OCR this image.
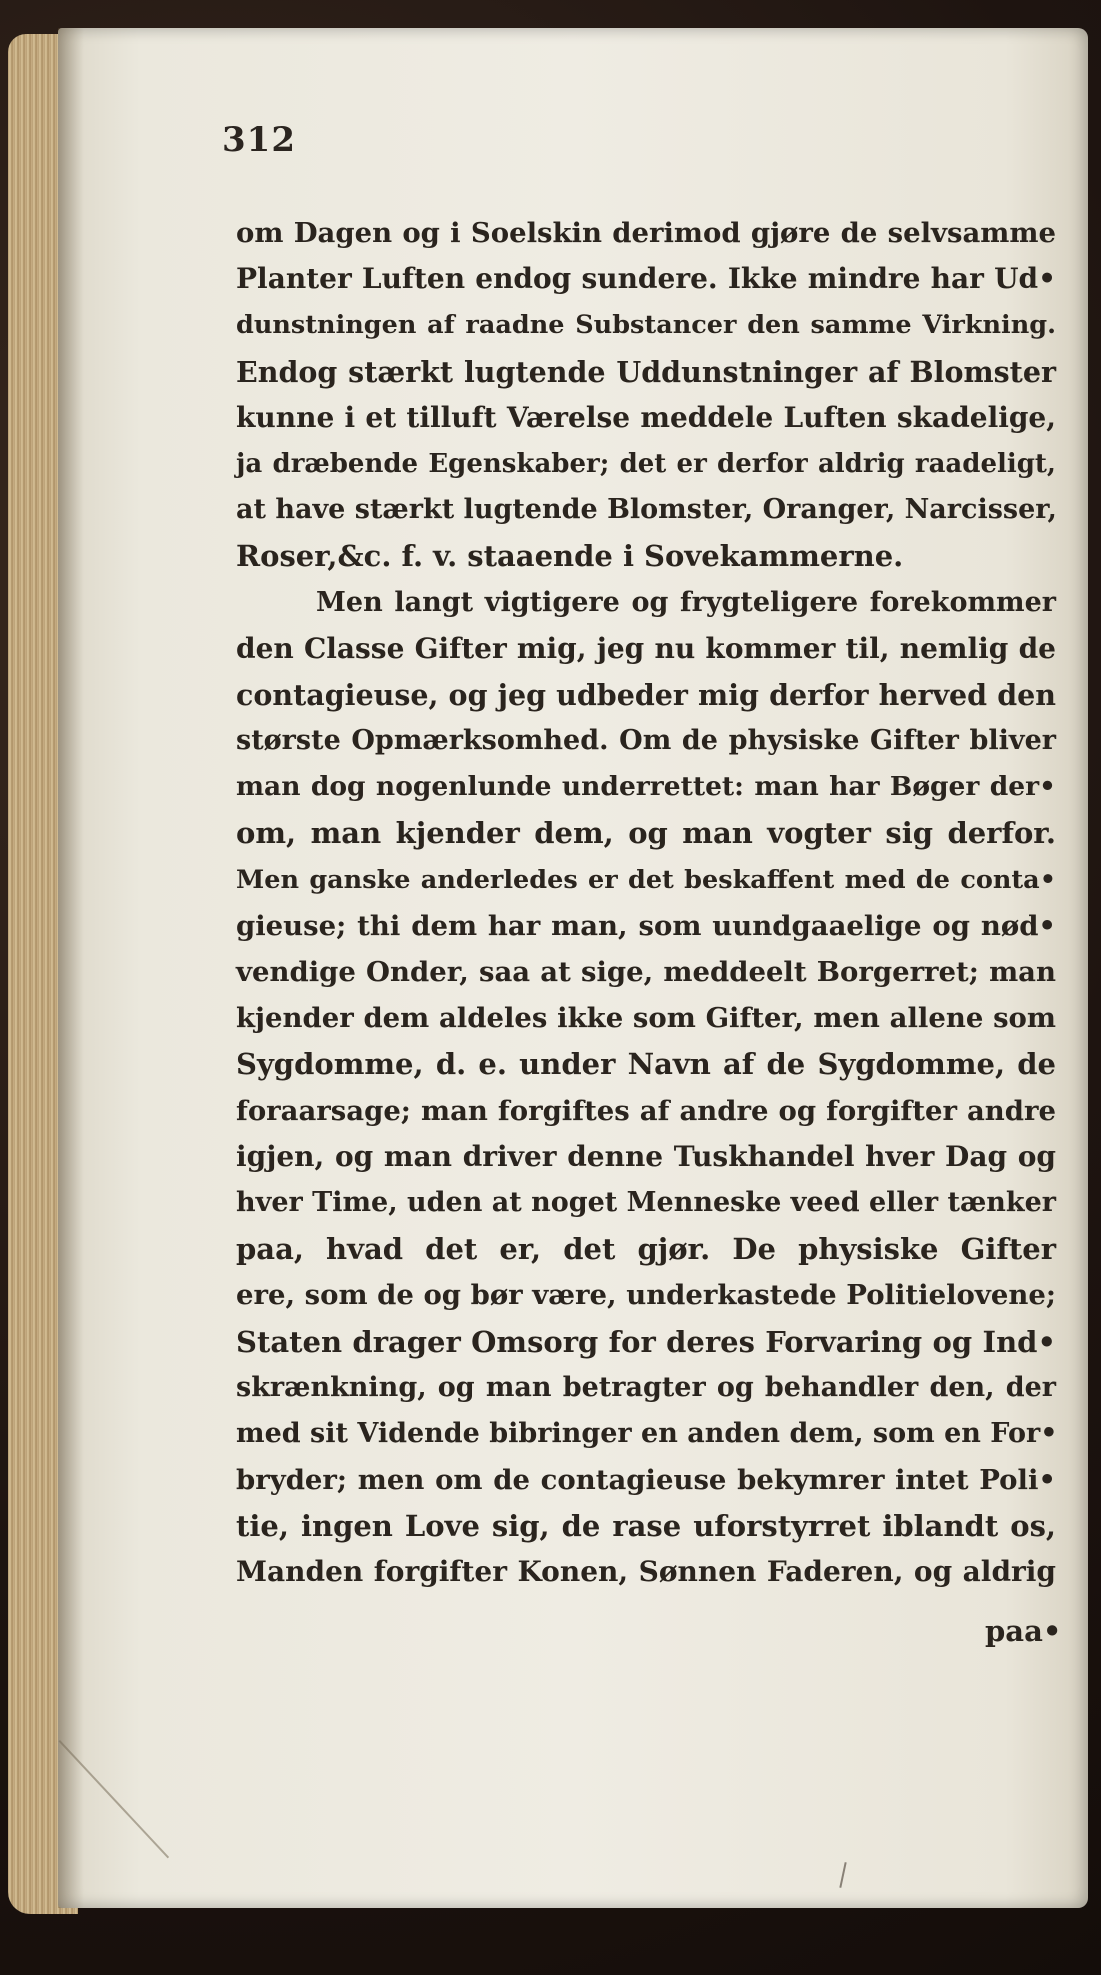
312
om Dagen og i Soelskin derimod gjøre de selvsamme
Planter Luften endog sundere. Ikke mindre har Ud•
dunstningen af raadne Substancer den samme Virkning.
Endog stærkt lugtende Uddunstninger af Blomster
kunne i et tilluft Værelse meddele Luften skadelige,
ja dræbende Egenskaber; det er derfor aldrig raadeligt,
at have stærkt lugtende Blomster, Oranger, Narcisser,
Roser,&c. f. v. staaende i Sovekammerne.
Men langt vigtigere og frygteligere forekommer
den Classe Gifter mig, jeg nu kommer til, nemlig de
contagieuse, og jeg udbeder mig derfor herved den
største Opmærksomhed. Om de physiske Gifter bliver
man dog nogenlunde underrettet: man har Bøger der•
om, man kjender dem, og man vogter sig derfor.
Men ganske anderledes er det beskaffent med de conta•
gieuse; thi dem har man, som uundgaaelige og nød•
vendige Onder, saa at sige, meddeelt Borgerret; man
kjender dem aldeles ikke som Gifter, men allene som
Sygdomme, d. e. under Navn af de Sygdomme, de
foraarsage; man forgiftes af andre og forgifter andre
igjen, og man driver denne Tuskhandel hver Dag og
hver Time, uden at noget Menneske veed eller tænker
paa, hvad det er, det gjør. De physiske Gifter
ere, som de og bør være, underkastede Politielovene;
Staten drager Omsorg for deres Forvaring og Ind•
skrænkning, og man betragter og behandler den, der
med sit Vidende bibringer en anden dem, som en For•
bryder; men om de contagieuse bekymrer intet Poli•
tie, ingen Love sig, de rase uforstyrret iblandt os,
Manden forgifter Konen, Sønnen Faderen, og aldrig
paa•
